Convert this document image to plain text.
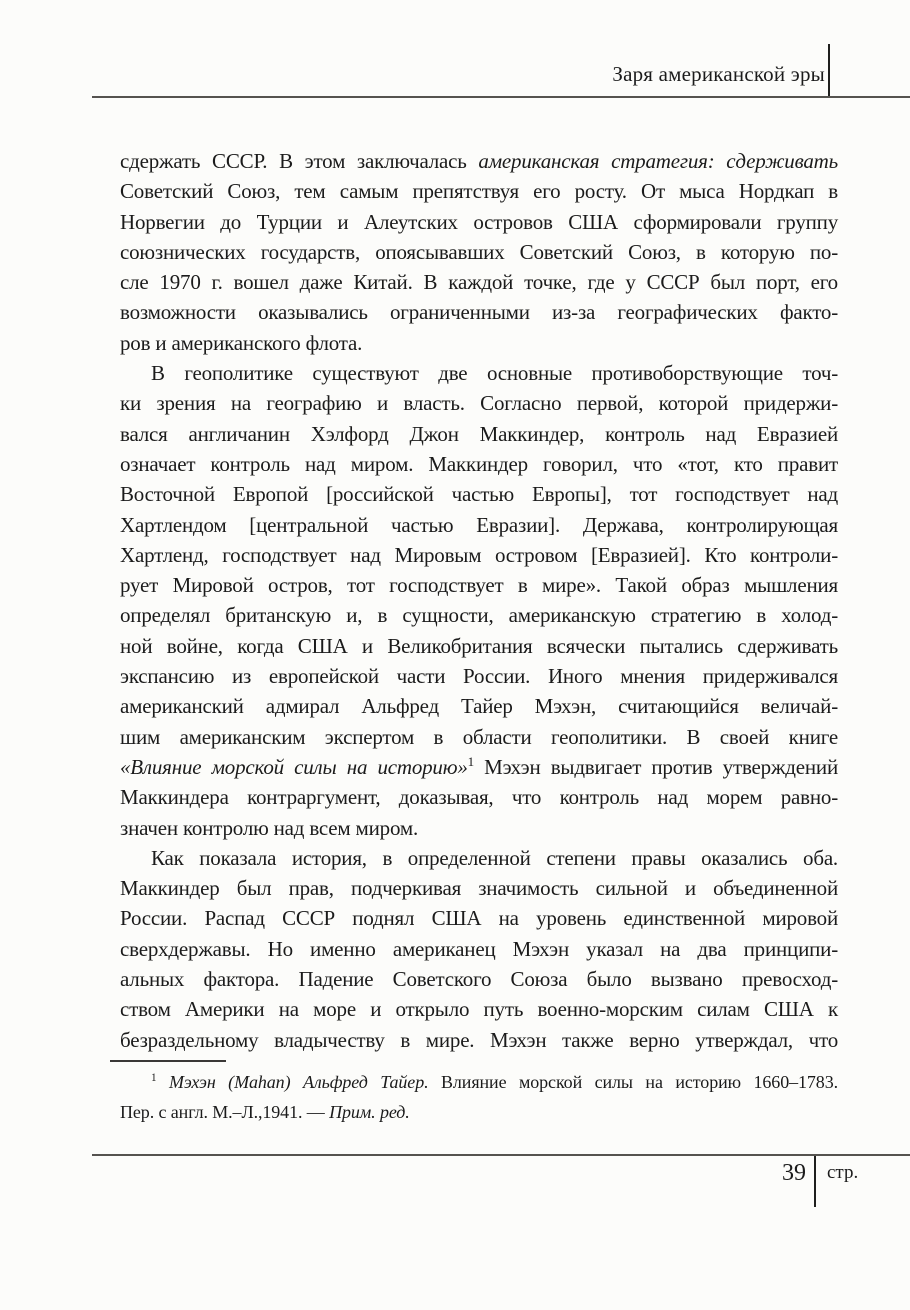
Заря американской эры
сдержать СССР. В этом заключалась американская стратегия: сдерживать
Советский Союз, тем самым препятствуя его росту. От мыса Нордкап в
Норвегии до Турции и Алеутских островов США сформировали группу
союзнических государств, опоясывавших Советский Союз, в которую по-
сле 1970 г. вошел даже Китай. В каждой точке, где у СССР был порт, его
возможности оказывались ограниченными из-за географических факто-
ров и американского флота.
В геополитике существуют две основные противоборствующие точ-
ки зрения на географию и власть. Согласно первой, которой придержи-
вался англичанин Хэлфорд Джон Маккиндер, контроль над Евразией
означает контроль над миром. Маккиндер говорил, что «тот, кто правит
Восточной Европой [российской частью Европы], тот господствует над
Хартлендом [центральной частью Евразии]. Держава, контролирующая
Хартленд, господствует над Мировым островом [Евразией]. Кто контроли-
рует Мировой остров, тот господствует в мире». Такой образ мышления
определял британскую и, в сущности, американскую стратегию в холод-
ной войне, когда США и Великобритания всячески пытались сдерживать
экспансию из европейской части России. Иного мнения придерживался
американский адмирал Альфред Тайер Мэхэн, считающийся величай-
шим американским экспертом в области геополитики. В своей книге
«Влияние морской силы на историю»$^1$ Мэхэн выдвигает против утверждений
Маккиндера контраргумент, доказывая, что контроль над морем равно-
значен контролю над всем миром.
Как показала история, в определенной степени правы оказались оба.
Маккиндер был прав, подчеркивая значимость сильной и объединенной
России. Распад СССР поднял США на уровень единственной мировой
сверхдержавы. Но именно американец Мэхэн указал на два принципи-
альных фактора. Падение Советского Союза было вызвано превосход-
ством Америки на море и открыло путь военно-морским силам США к
безраздельному владычеству в мире. Мэхэн также верно утверждал, что
$^1$ Мэхэн (Mahan) Альфред Тайер. Влияние морской силы на историю 1660–1783.
Пер. с англ. М.–Л.,1941. — Прим. ред.
39 стр.
